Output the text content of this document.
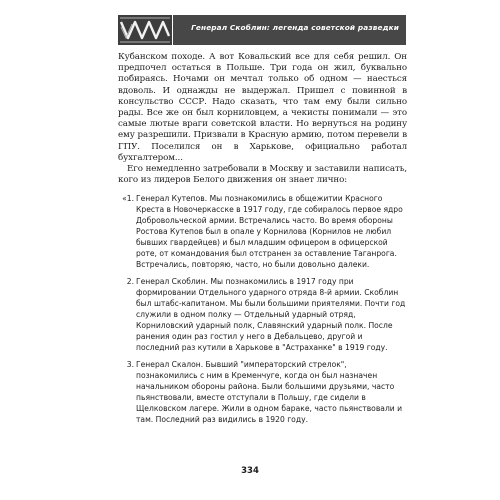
Генерал Скоблин: легенда советской разведки

Кубанском походе. А вот Ковальский все для себя решил. Он предпочел остаться в Польше. Три года он жил, буквально побираясь. Ночами он мечтал только об одном — наесться вдоволь. И однажды не выдержал. Пришел с повинной в консульство СССР. Надо сказать, что там ему были сильно рады. Все же он был корниловцем, а чекисты понимали — это самые лютые враги советской власти. Но вернуться на родину ему разрешили. Призвали в Красную армию, потом перевели в ГПУ. Поселился он в Харькове, официально работал бухгалтером...

Его немедленно затребовали в Москву и заставили написать, кого из лидеров Белого движения он знает лично:

«1. Генерал Кутепов. Мы познакомились в общежитии Красного Креста в Новочеркасске в 1917 году, где собиралось первое ядро Добровольческой армии. Встречались часто. Во время обороны Ростова Кутепов был в опале у Корнилова (Корнилов не любил бывших гвардейцев) и был младшим офицером в офицерской роте, от командования был отстранен за оставление Таганрога. Встречались, повторяю, часто, но были довольно далеки.
2. Генерал Скоблин. Мы познакомились в 1917 году при формировании Отдельного ударного отряда 8-й армии. Скоблин был штабс-капитаном. Мы были большими приятелями. Почти год служили в одном полку — Отдельный ударный отряд, Корниловский ударный полк, Славянский ударный полк. После ранения один раз гостил у него в Дебальцево, другой и последний раз кутили в Харькове в "Астраханке" в 1919 году.
3. Генерал Скалон. Бывший "императорский стрелок", познакомились с ним в Кременчуге, когда он был назначен начальником обороны района. Были большими друзьями, часто пьянствовали, вместе отступали в Польшу, где сидели в Щелковском лагере. Жили в одном бараке, часто пьянствовали и там. Последний раз видились в 1920 году.
334
